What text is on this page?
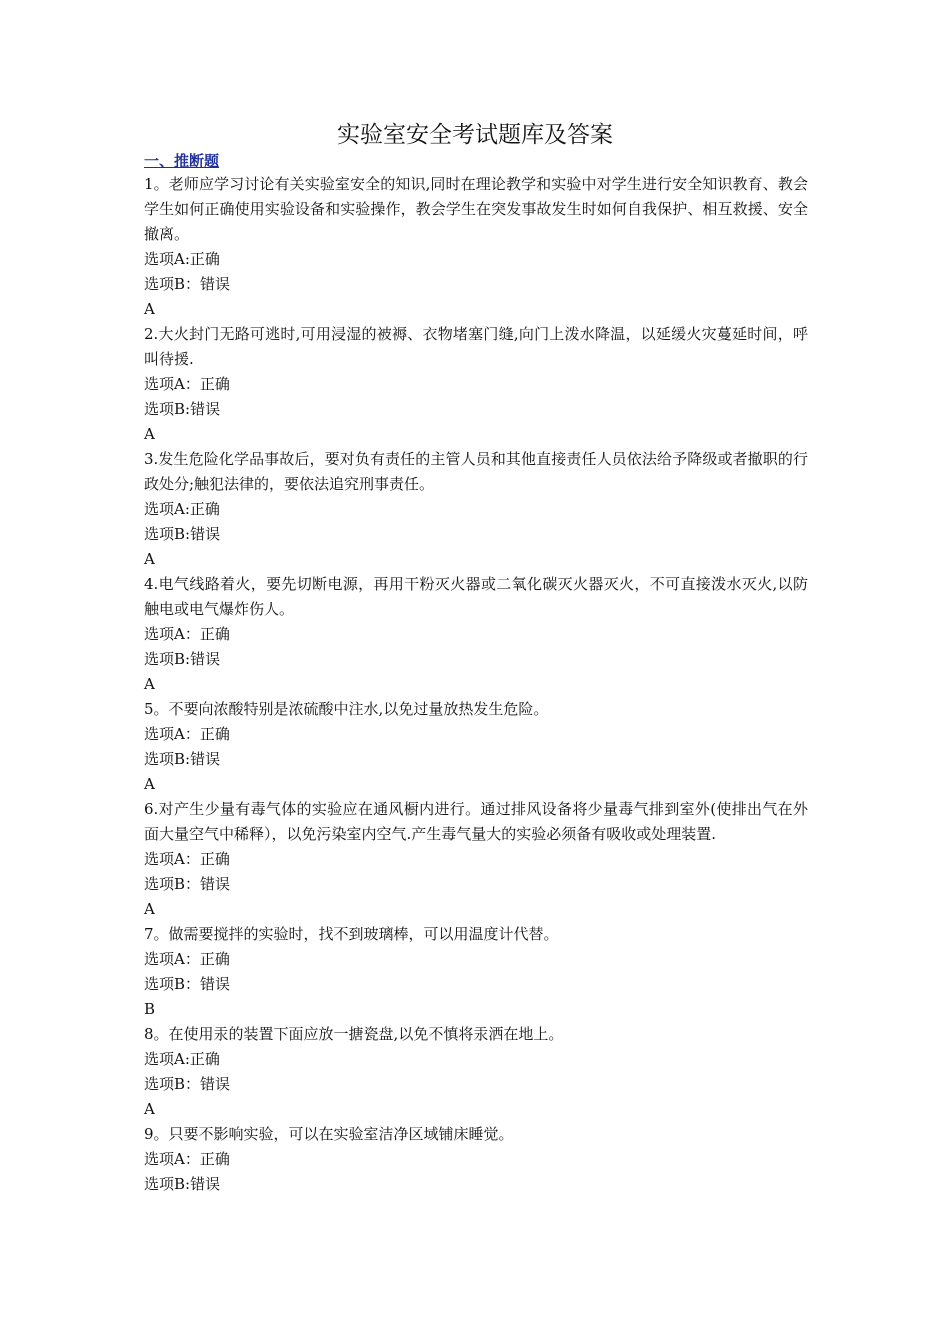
实验室安全考试题库及答案
一、推断题
1。老师应学习讨论有关实验室安全的知识,同时在理论教学和实验中对学生进行安全知识教育、教会学生如何正确使用实验设备和实验操作，教会学生在突发事故发生时如何自我保护、相互救援、安全撤离。
选项A:正确
选项B：错误
A
2.大火封门无路可逃时,可用浸湿的被褥、衣物堵塞门缝,向门上泼水降温，以延缓火灾蔓延时间，呼叫待援.
选项A：正确
选项B:错误
A
3.发生危险化学品事故后，要对负有责任的主管人员和其他直接责任人员依法给予降级或者撤职的行政处分;触犯法律的，要依法追究刑事责任。
选项A:正确
选项B:错误
A
4.电气线路着火，要先切断电源，再用干粉灭火器或二氧化碳灭火器灭火，不可直接泼水灭火,以防触电或电气爆炸伤人。
选项A：正确
选项B:错误
A
5。不要向浓酸特别是浓硫酸中注水,以免过量放热发生危险。
选项A：正确
选项B:错误
A
6.对产生少量有毒气体的实验应在通风橱内进行。通过排风设备将少量毒气排到室外(使排出气在外面大量空气中稀释），以免污染室内空气.产生毒气量大的实验必须备有吸收或处理装置.
选项A：正确
选项B：错误
A
7。做需要搅拌的实验时，找不到玻璃棒，可以用温度计代替。
选项A：正确
选项B：错误
B
8。在使用汞的装置下面应放一搪瓷盘,以免不慎将汞洒在地上。
选项A:正确
选项B：错误
A
9。只要不影响实验，可以在实验室洁净区域铺床睡觉。
选项A：正确
选项B:错误
